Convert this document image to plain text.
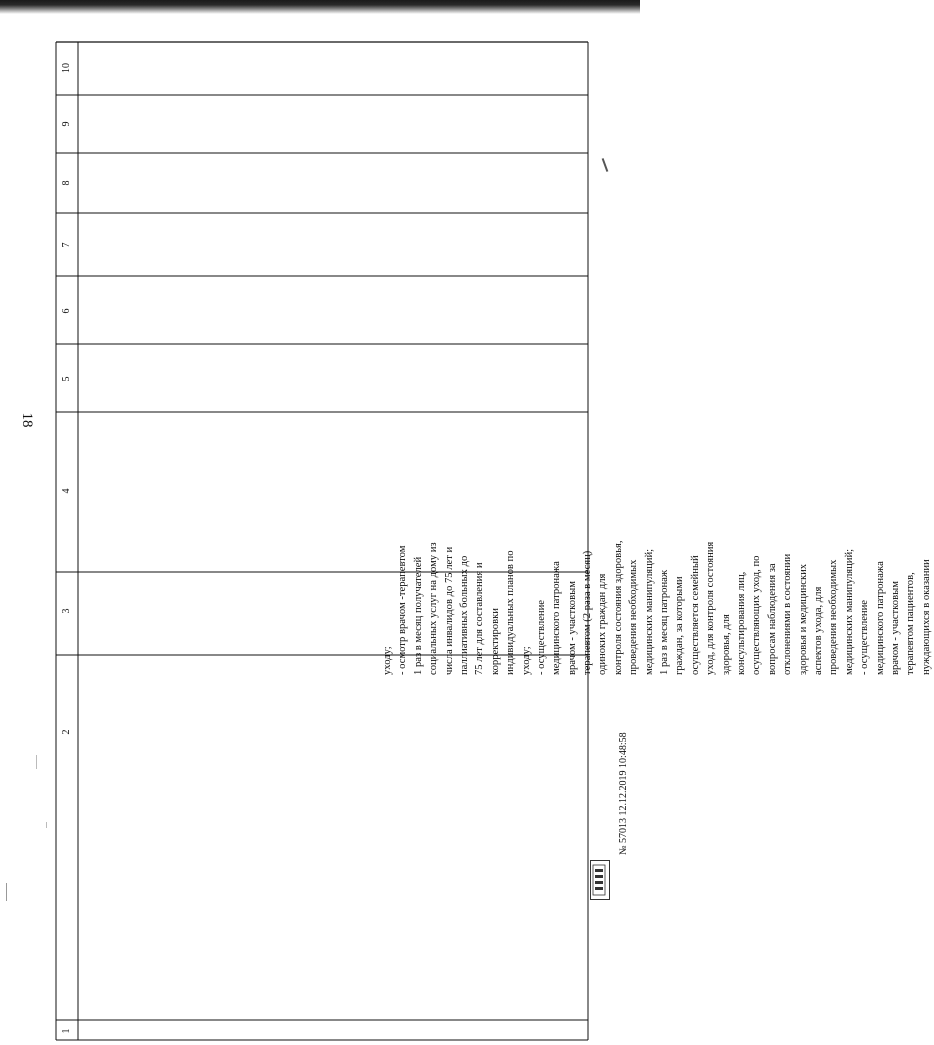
18
10
9
8
7
6
5
4
3
2
1
уходу; - осмотр врачом -терапевтом 1 раз в месяц получателей социальных услуг на дому из числа инвалидов до 75 лет и паллиативных больных до 75 лет для составления и корректировки индивидуальных планов по уходу; - осуществление медицинского патронажа врачом - участковым терапевтом (2 раза в месяц) одиноких граждан для контроля состояния здоровья, проведения необходимых медицинских манипуляций; 1 раз в месяц патронаж граждан, за которыми осуществляется семейный уход, для контроля состояния здоровья, для консультирования лиц, осуществляющих уход, по вопросам наблюдения за отклонениями в состоянии здоровья и медицинских аспектов ухода, для проведения необходимых медицинских манипуляций; - осуществление медицинского патронажа врачом - участковым терапевтом пациентов, нуждающихся в оказании
№ 57013 12.12.2019 10:48:58
